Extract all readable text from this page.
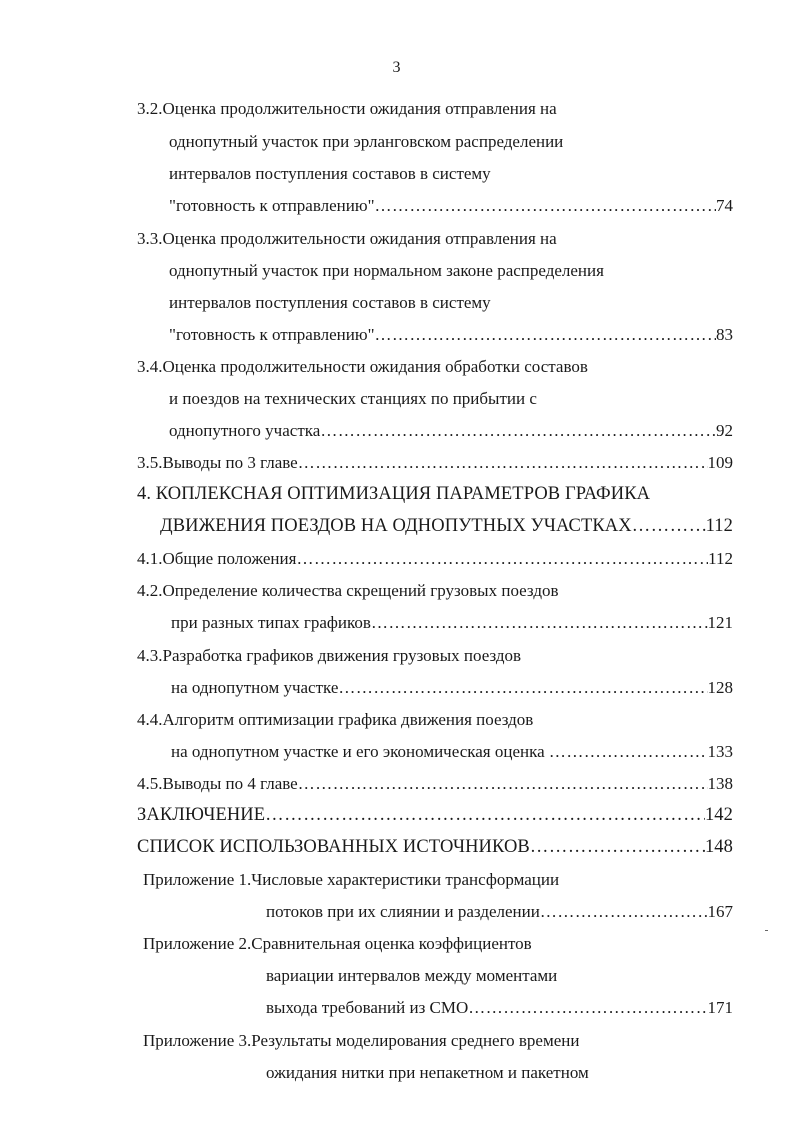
3
3.2.Оценка продолжительности ожидания отправления на
однопутный участок при эрланговском распределении
интервалов поступления составов в систему
"готовность к отправлению" ……………………………………………………………………………………………………………………………………………………………………………………………………	74
3.3.Оценка продолжительности ожидания отправления на
однопутный участок при нормальном законе распределения
интервалов поступления составов в систему
"готовность к отправлению" ……………………………………………………………………………………………………………………………………………………………………………………………………	83
3.4.Оценка продолжительности ожидания обработки составов
и поездов на технических станциях по прибытии с
однопутного участка ……………………………………………………………………………………………………………………………………………………………………………………………………	92
3.5.Выводы по 3 главе ……………………………………………………………………………………………………………………………………………………………………………………………………	109
4. КОПЛЕКСНАЯ ОПТИМИЗАЦИЯ ПАРАМЕТРОВ ГРАФИКА
ДВИЖЕНИЯ ПОЕЗДОВ НА ОДНОПУТНЫХ УЧАСТКАХ ……………………………………………………………………………………………………………………………………………………………………………………………………	112
4.1.Общие положения ……………………………………………………………………………………………………………………………………………………………………………………………………	112
4.2.Определение количества скрещений грузовых поездов
при разных типах графиков ……………………………………………………………………………………………………………………………………………………………………………………………………	121
4.3.Разработка графиков движения грузовых поездов
на однопутном участке ……………………………………………………………………………………………………………………………………………………………………………………………………	128
4.4.Алгоритм оптимизации графика движения поездов
на однопутном участке и его экономическая оценка ……………………………………………………………………………………………………………………………………………………………………………………………………	133
4.5.Выводы по 4 главе ……………………………………………………………………………………………………………………………………………………………………………………………………	138
ЗАКЛЮЧЕНИЕ ……………………………………………………………………………………………………………………………………………………………………………………………………	142
СПИСОК ИСПОЛЬЗОВАННЫХ ИСТОЧНИКОВ ……………………………………………………………………………………………………………………………………………………………………………………………………	148
Приложение 1.Числовые характеристики трансформации
потоков при их слиянии и разделении ……………………………………………………………………………………………………………………………………………………………………………………………………	167
Приложение 2.Сравнительная оценка коэффициентов
вариации интервалов между моментами
выхода требований из СМО ……………………………………………………………………………………………………………………………………………………………………………………………………	171
Приложение 3.Результаты моделирования среднего времени
ожидания нитки при непакетном и пакетном
